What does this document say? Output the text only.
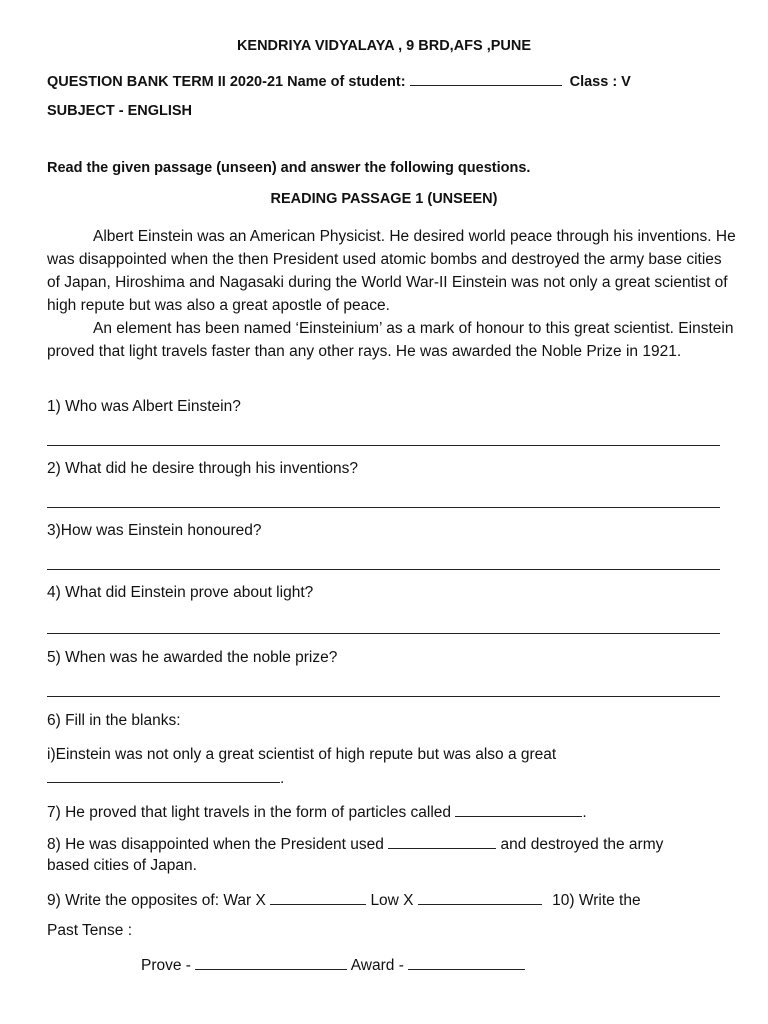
KENDRIYA VIDYALAYA , 9 BRD,AFS ,PUNE
QUESTION BANK TERM II 2020-21 Name of student:	Class : V
SUBJECT - ENGLISH
Read the given passage (unseen) and answer the following questions.
READING PASSAGE 1 (UNSEEN)

Albert Einstein was an American Physicist. He desired world peace through his inventions. He was disappointed when the then President used atomic bombs and destroyed the army base cities of Japan, Hiroshima and Nagasaki during the World War-II Einstein was not only a great scientist of high repute but was also a great apostle of peace.

An element has been named ‘Einsteinium’ as a mark of honour to this great scientist. Einstein proved that light travels faster than any other rays. He was awarded the Noble Prize in 1921.

1) Who was Albert Einstein?
2) What did he desire through his inventions?
3)How was Einstein honoured?
4) What did Einstein prove about light?
5) When was he awarded the noble prize?
6) Fill in the blanks:
i)Einstein was not only a great scientist of high repute but was also a great
.
7) He proved that light travels in the form of particles called	.
8) He was disappointed when the President used	and destroyed the army
based cities of Japan.
9) Write the opposites of: War X	Low X	10) Write the
Past Tense :
Prove -	Award -
